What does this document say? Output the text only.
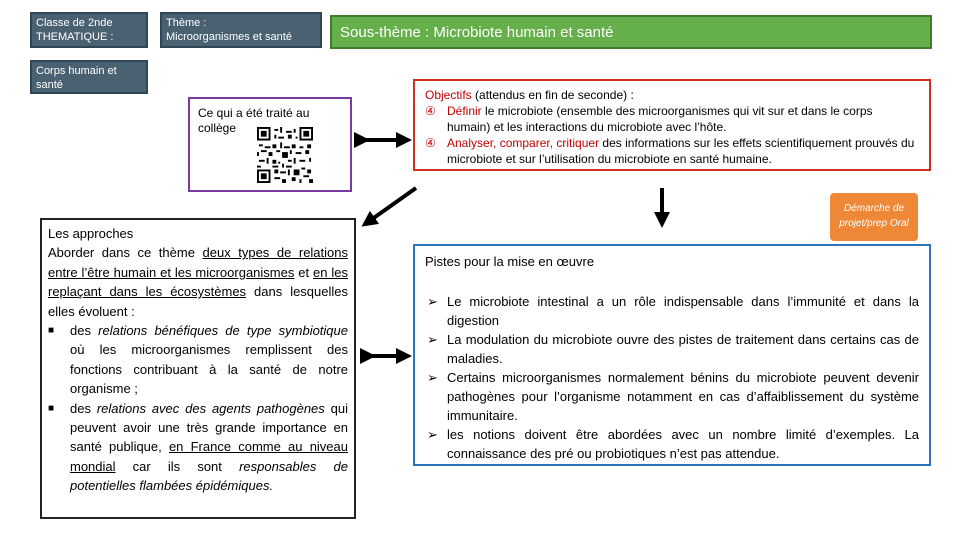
Classe de 2nde
THEMATIQUE :
Thème :
Microorganismes et santé
Corps humain et santé
Sous-thème : Microbiote humain et santé
Ce qui a été traité au collège
Objectifs (attendus en fin de seconde) :
④ Définir le microbiote (ensemble des microorganismes qui vit sur et dans le corps humain) et les interactions du microbiote avec l’hôte.
④ Analyser, comparer, critiquer des informations sur les effets scientifiquement prouvés du microbiote et sur l’utilisation du microbiote en santé humaine.
Démarche de projet/prep Oral

Les approches

Aborder dans ce thème deux types de relations entre l’être humain et les microorganismes et en les replaçant dans les écosystèmes dans lesquelles elles évoluent :

■ des relations bénéfiques de type symbiotique où les microorganismes remplissent des fonctions contribuant à la santé de notre organisme ;
■ des relations avec des agents pathogènes qui peuvent avoir une très grande importance en santé publique, en France comme au niveau mondial car ils sont responsables de potentielles flambées épidémiques.

Pistes pour la mise en œuvre

➢ Le microbiote intestinal a un rôle indispensable dans l’immunité et dans la digestion
➢ La modulation du microbiote ouvre des pistes de traitement dans certains cas de maladies.
➢ Certains microorganismes normalement bénins du microbiote peuvent devenir pathogènes pour l’organisme notamment en cas d’affaiblissement du système immunitaire.
➢ les notions doivent être abordées avec un nombre limité d’exemples. La connaissance des pré ou probiotiques n’est pas attendue.
